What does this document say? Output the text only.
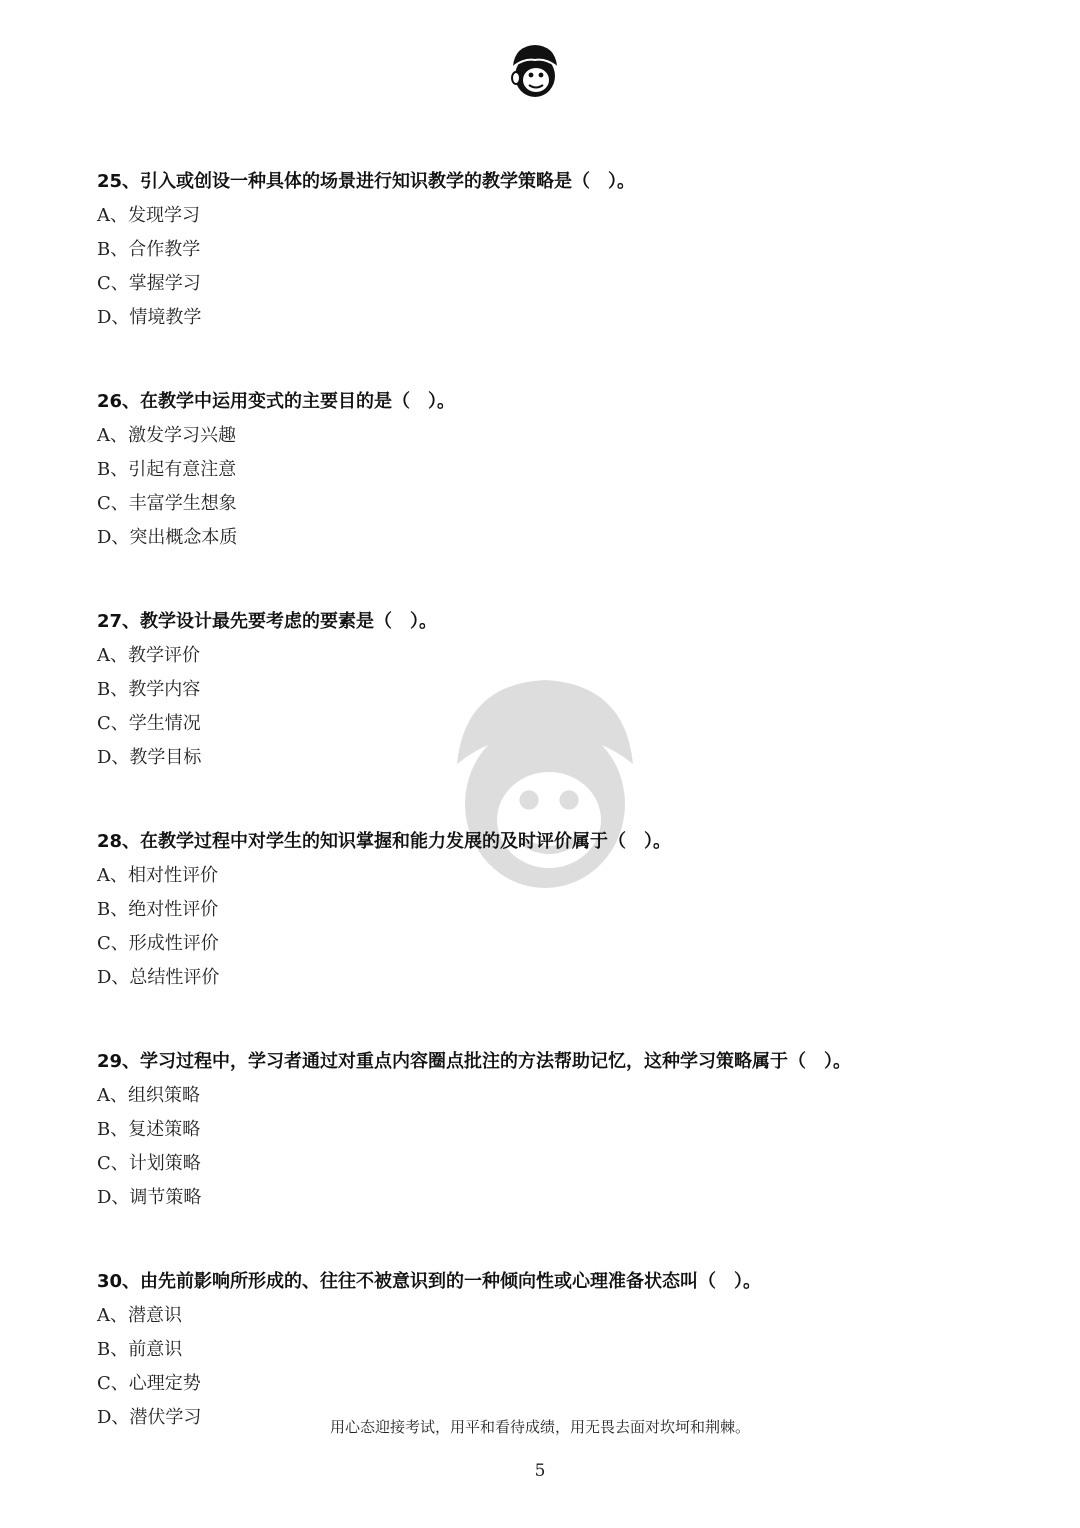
25、引入或创设一种具体的场景进行知识教学的教学策略是（　）。
A、发现学习
B、合作教学
C、掌握学习
D、情境教学
26、在教学中运用变式的主要目的是（　）。
A、激发学习兴趣
B、引起有意注意
C、丰富学生想象
D、突出概念本质
27、教学设计最先要考虑的要素是（　）。
A、教学评价
B、教学内容
C、学生情况
D、教学目标
28、在教学过程中对学生的知识掌握和能力发展的及时评价属于（　）。
A、相对性评价
B、绝对性评价
C、形成性评价
D、总结性评价
29、学习过程中，学习者通过对重点内容圈点批注的方法帮助记忆，这种学习策略属于（　）。
A、组织策略
B、复述策略
C、计划策略
D、调节策略
30、由先前影响所形成的、往往不被意识到的一种倾向性或心理准备状态叫（　）。
A、潜意识
B、前意识
C、心理定势
D、潜伏学习	用心态迎接考试，用平和看待成绩，用无畏去面对坎坷和荆棘。
5
